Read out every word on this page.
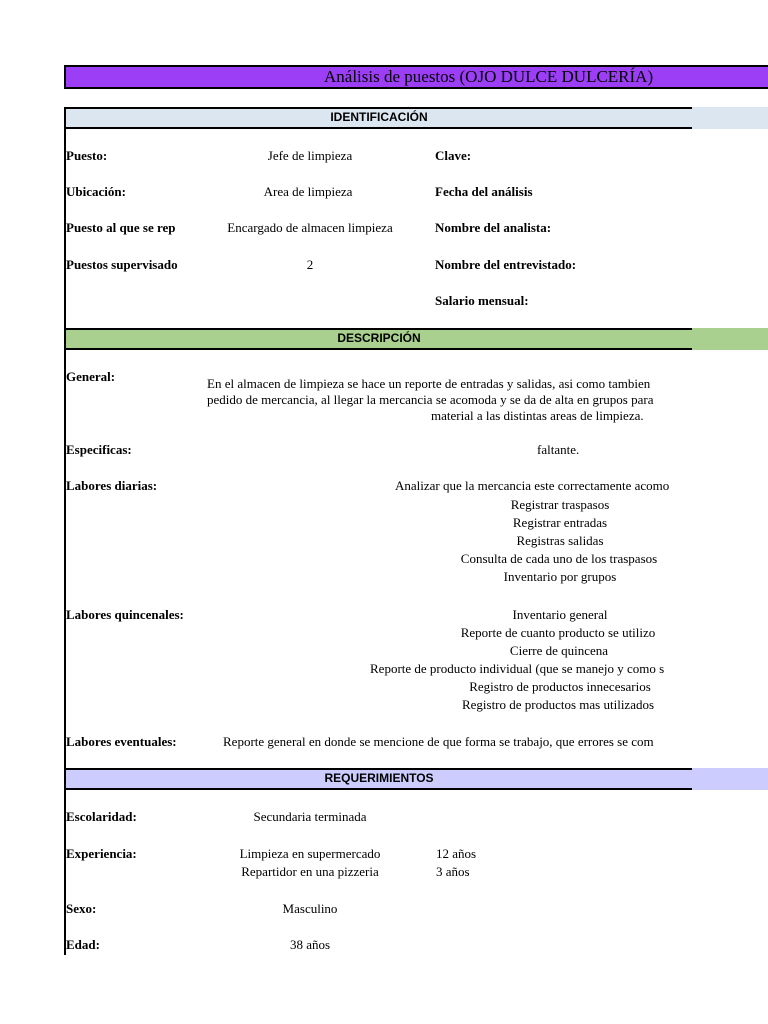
Análisis de puestos (OJO DULCE DULCERÍA)
IDENTIFICACIÓN
Puesto:	Jefe de limpieza	Clave:
Ubicación:	Area de limpieza	Fecha del análisis
Puesto al que se rep	Encargado de almacen limpieza	Nombre del analista:
Puestos supervisado	2	Nombre del entrevistado:
Salario mensual:
DESCRIPCIÓN
General:	En el almacen de limpieza se hace un reporte de entradas y salidas, asi como tambien
pedido de mercancia, al llegar la mercancia se acomoda y se da de alta en grupos para
material a las distintas areas de limpieza.
Especificas:	faltante.
Labores diarias:	Analizar que la mercancia este correctamente acomo
Registrar traspasos
Registrar entradas
Registras salidas
Consulta de cada uno de los traspasos
Inventario por grupos
Labores quincenales:	Inventario general
Reporte de cuanto producto se utilizo
Cierre de quincena
Reporte de producto individual (que se manejo y como s
Registro de productos innecesarios
Registro de productos mas utilizados
Labores eventuales:	Reporte general en donde se mencione de que forma se trabajo, que errores se com
REQUERIMIENTOS
Escolaridad:	Secundaria terminada
Experiencia:	Limpieza en supermercado	12 años
Repartidor en una pizzeria	3 años
Sexo:	Masculino
Edad:	38 años
